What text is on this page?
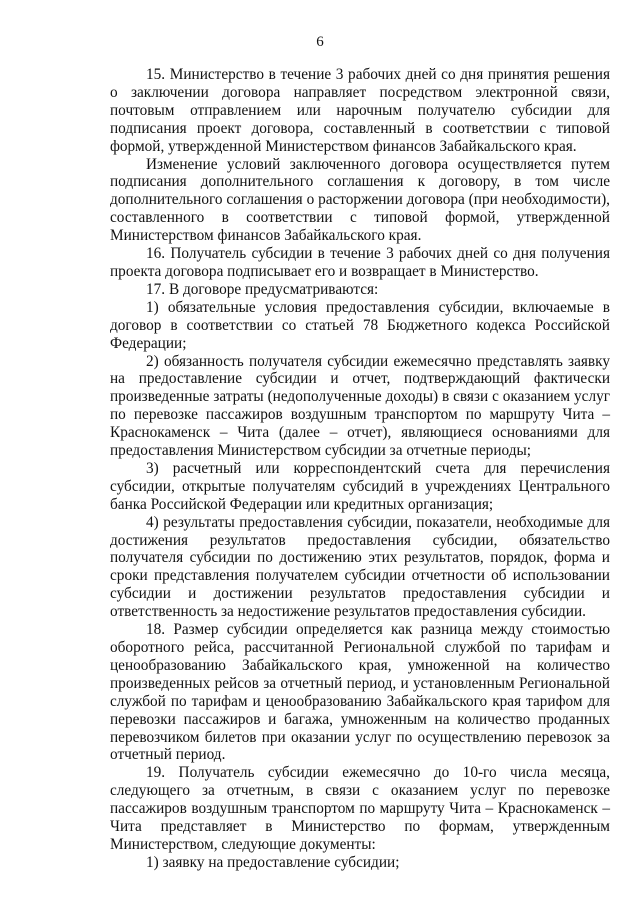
6

15. Министерство в течение 3 рабочих дней со дня принятия решения о заключении договора направляет посредством электронной связи, почтовым отправлением или нарочным получателю субсидии для подписания проект договора, составленный в соответствии с типовой формой, утвержденной Министерством финансов Забайкальского края.

Изменение условий заключенного договора осуществляется путем подписания дополнительного соглашения к договору, в том числе дополнительного соглашения о расторжении договора (при необходимости), составленного в соответствии с типовой формой, утвержденной Министерством финансов Забайкальского края.

16. Получатель субсидии в течение 3 рабочих дней со дня получения проекта договора подписывает его и возвращает в Министерство.

17. В договоре предусматриваются:

1) обязательные условия предоставления субсидии, включаемые в договор в соответствии со статьей 78 Бюджетного кодекса Российской Федерации;

2) обязанность получателя субсидии ежемесячно представлять заявку на предоставление субсидии и отчет, подтверждающий фактически произведенные затраты (недополученные доходы) в связи с оказанием услуг по перевозке пассажиров воздушным транспортом по маршруту Чита – Краснокаменск – Чита (далее – отчет), являющиеся основаниями для предоставления Министерством субсидии за отчетные периоды;

3) расчетный или корреспондентский счета для перечисления субсидии, открытые получателям субсидий в учреждениях Центрального банка Российской Федерации или кредитных организация;

4) результаты предоставления субсидии, показатели, необходимые для достижения результатов предоставления субсидии, обязательство получателя субсидии по достижению этих результатов, порядок, форма и сроки представления получателем субсидии отчетности об использовании субсидии и достижении результатов предоставления субсидии и ответственность за недостижение результатов предоставления субсидии.

18. Размер субсидии определяется как разница между стоимостью оборотного рейса, рассчитанной Региональной службой по тарифам и ценообразованию Забайкальского края, умноженной на количество произведенных рейсов за отчетный период, и установленным Региональной службой по тарифам и ценообразованию Забайкальского края тарифом для перевозки пассажиров и багажа, умноженным на количество проданных перевозчиком билетов при оказании услуг по осуществлению перевозок за отчетный период.

19. Получатель субсидии ежемесячно до 10-го числа месяца, следующего за отчетным, в связи с оказанием услуг по перевозке пассажиров воздушным транспортом по маршруту Чита – Краснокаменск – Чита представляет в Министерство по формам, утвержденным Министерством, следующие документы:

1) заявку на предоставление субсидии;
